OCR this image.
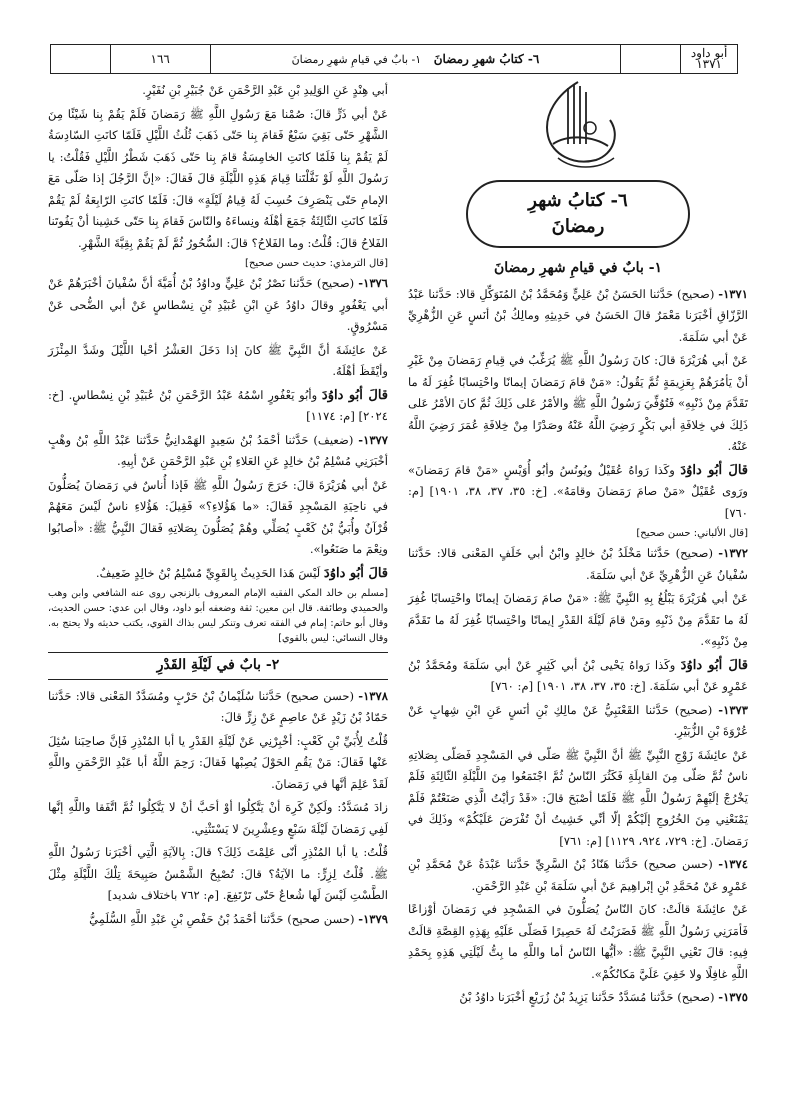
١٦٦	٦- كتابُ شهرِ رمضانَ

١- بابٌ في قيامِ شهرِ رمضانَ	أبو داود
١٣٧١
٦- كتابُ شهرِ
رمضانَ
١- بابٌ في قيامِ شهرِ رمضانَ

١٣٧١- (صحيح) حَدَّثنا الحَسَنُ بْنُ عَلِيٍّ وَمُحَمَّدُ بْنُ المُتَوَكِّلِ قالا: حَدَّثنا عَبْدُ الرَّزّاقِ أخْبَرَنا مَعْمَرٌ قالَ الحَسَنُ في حَدِيثِهِ ومالِكُ بْنُ أنَسٍ عَنِ الزُّهْرِيِّ عَنْ أبي سَلَمَةَ.

عَنْ أبي هُرَيْرَةَ قالَ: كانَ رَسُولُ اللَّهِ ﷺ يُرَغِّبُ في قِيامِ رَمَضانَ مِنْ غَيْرِ أنْ يَأمُرَهُمْ بِعَزِيمَةٍ ثُمَّ يَقُولُ: «مَنْ قامَ رَمَضانَ إيمانًا واحْتِسابًا غُفِرَ لَهُ ما تَقَدَّمَ مِنْ ذَنْبِهِ» فَتُوُفِّيَ رَسُولُ اللَّهِ ﷺ والأمْرُ عَلى ذَلِكَ ثُمَّ كانَ الأمْرُ عَلى ذَلِكَ في خِلافَةِ أبي بَكْرٍ رَضِيَ اللَّهُ عَنْهُ وصَدْرًا مِنْ خِلافَةِ عُمَرَ رَضِيَ اللَّهُ عَنْهُ.

قالَ أبُو داوُدَ وكَذا رَواهُ عُقَيْلٌ ويُونُسُ وأبُو أُوَيْسٍ «مَنْ قامَ رَمَضانَ» ورَوى عُقَيْلٌ «مَنْ صامَ رَمَضانَ وقامَهُ». [خ: ٣٥، ٣٧، ٣٨، ١٩٠١] [م: ٧٦٠]

[قال الألباني: حسن صحيح]

١٣٧٢- (صحيح) حَدَّثنا مَخْلَدُ بْنُ خالِدٍ وابْنُ أبي خَلَفٍ المَعْنى قالا: حَدَّثنا سُفْيانُ عَنِ الزُّهْرِيِّ عَنْ أبي سَلَمَةَ.

عَنْ أبي هُرَيْرَةَ يَبْلُغُ بِهِ النَّبِيَّ ﷺ: «مَنْ صامَ رَمَضانَ إيمانًا واحْتِسابًا غُفِرَ لَهُ ما تَقَدَّمَ مِنْ ذَنْبِهِ ومَنْ قامَ لَيْلَةَ القَدْرِ إيمانًا واحْتِسابًا غُفِرَ لَهُ ما تَقَدَّمَ مِنْ ذَنْبِهِ».

قالَ أبُو داوُدَ وكَذا رَواهُ يَحْيى بْنُ أبي كَثِيرٍ عَنْ أبي سَلَمَةَ ومُحَمَّدُ بْنُ عَمْرٍو عَنْ أبي سَلَمَةَ. [خ: ٣٥، ٣٧، ٣٨، ١٩٠١] [م: ٧٦٠]

١٣٧٣- (صحيح) حَدَّثنا القَعْنَبِيُّ عَنْ مالِكِ بْنِ أنَسٍ عَنِ ابْنِ شِهابٍ عَنْ عُرْوَةَ بْنِ الزُّبَيْرِ.

عَنْ عائِشَةَ زَوْجِ النَّبِيِّ ﷺ أنَّ النَّبِيَّ ﷺ صَلّى في المَسْجِدِ فَصَلّى بِصَلاتِهِ ناسٌ ثُمَّ صَلّى مِنَ القابِلَةِ فَكَثُرَ النّاسُ ثُمَّ اجْتَمَعُوا مِنَ اللَّيْلَةِ الثّالِثَةِ فَلَمْ يَخْرُجْ إلَيْهِمْ رَسُولُ اللَّهِ ﷺ فَلَمّا أصْبَحَ قالَ: «قَدْ رَأيْتُ الَّذِي صَنَعْتُمْ فَلَمْ يَمْنَعْنِي مِنَ الخُرُوجِ إلَيْكُمْ إلّا أنِّي خَشِيتُ أنْ تُفْرَضَ عَلَيْكُمْ» وذَلِكَ في رَمَضانَ. [خ: ٧٢٩، ٩٢٤، ١١٢٩] [م: ٧٦١]

١٣٧٤- (حسن صحيح) حَدَّثنا هَنّادُ بْنُ السَّرِيِّ حَدَّثنا عَبْدَةُ عَنْ مُحَمَّدِ بْنِ عَمْرٍو عَنْ مُحَمَّدِ بْنِ إبْراهِيمَ عَنْ أبي سَلَمَةَ بْنِ عَبْدِ الرَّحْمَنِ.

عَنْ عائِشَةَ قالَتْ: كانَ النّاسُ يُصَلُّونَ في المَسْجِدِ في رَمَضانَ أوْزاعًا فَأمَرَنِي رَسُولُ اللَّهِ ﷺ فَضَرَبْتُ لَهُ حَصِيرًا فَصَلّى عَلَيْهِ بِهَذِهِ القِصَّةِ قالَتْ فِيهِ: قالَ تَعْنِي النَّبِيَّ ﷺ: «أيُّها النّاسُ أما واللَّهِ ما بِتُّ لَيْلَتِي هَذِهِ بِحَمْدِ اللَّهِ غافِلًا ولا خَفِيَ عَلَيَّ مَكانُكُمْ».

١٣٧٥- (صحيح) حَدَّثنا مُسَدَّدٌ حَدَّثنا يَزِيدُ بْنُ زُرَيْعٍ أخْبَرَنا داوُدُ بْنُ

أبي هِنْدٍ عَنِ الوَلِيدِ بْنِ عَبْدِ الرَّحْمَنِ عَنْ جُبَيْرِ بْنِ نُفَيْرٍ.

عَنْ أبي ذَرٍّ قالَ: صُمْنا مَعَ رَسُولِ اللَّهِ ﷺ رَمَضانَ فَلَمْ يَقُمْ بِنا شَيْئًا مِنَ الشَّهْرِ حَتّى بَقِيَ سَبْعٌ فَقامَ بِنا حَتّى ذَهَبَ ثُلُثُ اللَّيْلِ فَلَمّا كانَتِ السّادِسَةُ لَمْ يَقُمْ بِنا فَلَمّا كانَتِ الخامِسَةُ قامَ بِنا حَتّى ذَهَبَ شَطْرُ اللَّيْلِ فَقُلْتُ: يا رَسُولَ اللَّهِ لَوْ نَفَّلْتَنا قِيامَ هَذِهِ اللَّيْلَةِ قالَ فَقالَ: «إنَّ الرَّجُلَ إذا صَلّى مَعَ الإمامِ حَتّى يَنْصَرِفَ حُسِبَ لَهُ قِيامُ لَيْلَةٍ» قالَ: فَلَمّا كانَتِ الرّابِعَةُ لَمْ يَقُمْ فَلَمّا كانَتِ الثّالِثَةُ جَمَعَ أهْلَهُ ونِساءَهُ والنّاسَ فَقامَ بِنا حَتّى خَشِينا أنْ يَفُوتَنا الفَلاحُ قالَ: قُلْتُ: وما الفَلاحُ؟ قالَ: السُّحُورُ ثُمَّ لَمْ يَقُمْ بِقِيَّةَ الشَّهْرِ.

[قال الترمذي: حديث حسن صحيح]

١٣٧٦- (صحيح) حَدَّثنا نَصْرُ بْنُ عَلِيٍّ وداوُدُ بْنُ أُمَيَّةَ أنَّ سُفْيانَ أخْبَرَهُمْ عَنْ أبي يَعْفُورٍ وقالَ داوُدُ عَنِ ابْنِ عُبَيْدِ بْنِ نِسْطاسٍ عَنْ أبي الضُّحى عَنْ مَسْرُوقٍ.

عَنْ عائِشَةَ أنَّ النَّبِيَّ ﷺ كانَ إذا دَخَلَ العَشْرُ أحْيا اللَّيْلَ وشَدَّ المِئْزَرَ وأيْقَظَ أهْلَهُ.

قالَ أبُو داوُدَ وأبُو يَعْفُورٍ اسْمُهُ عَبْدُ الرَّحْمَنِ بْنُ عُبَيْدِ بْنِ نِسْطاسٍ. [خ: ٢٠٢٤] [م: ١١٧٤]

١٣٧٧- (ضعيف) حَدَّثنا أحْمَدُ بْنُ سَعِيدٍ الهَمْدانِيُّ حَدَّثنا عَبْدُ اللَّهِ بْنُ وهْبٍ أخْبَرَنِي مُسْلِمُ بْنُ خالِدٍ عَنِ العَلاءِ بْنِ عَبْدِ الرَّحْمَنِ عَنْ أبِيهِ.

عَنْ أبي هُرَيْرَةَ قالَ: خَرَجَ رَسُولُ اللَّهِ ﷺ فَإذا أُناسٌ في رَمَضانَ يُصَلُّونَ في ناحِيَةِ المَسْجِدِ فَقالَ: «ما هَؤُلاءِ؟» فَقِيلَ: هَؤُلاءِ ناسٌ لَيْسَ مَعَهُمْ قُرْآنٌ وأُبَيُّ بْنُ كَعْبٍ يُصَلِّي وهُمْ يُصَلُّونَ بِصَلاتِهِ فَقالَ النَّبِيُّ ﷺ: «أصابُوا ونِعْمَ ما صَنَعُوا».

قالَ أبُو داوُدَ لَيْسَ هَذا الحَدِيثُ بِالقَوِيِّ مُسْلِمُ بْنُ خالِدٍ ضَعِيفٌ.

[مسلم بن خالد المكي الفقيه الإمام المعروف بالزنجي روى عنه الشافعي وابن وهب والحميدي وطائفة. قال ابن معين: ثقة وضعفه أبو داود، وقال ابن عدي: حسن الحديث، وقال أبو حاتم: إمام في الفقه تعرف وتنكر ليس بذاك القوي، يكتب حديثه ولا يحتج به. وقال النسائي: ليس بالقوي]

٢- بابٌ في لَيْلَةِ القَدْرِ

١٣٧٨- (حسن صحيح) حَدَّثنا سُلَيْمانُ بْنُ حَرْبٍ ومُسَدَّدٌ المَعْنى قالا: حَدَّثنا حَمّادُ بْنُ زَيْدٍ عَنْ عاصِمٍ عَنْ زِرٍّ قالَ:

قُلْتُ لِأُبَيِّ بْنِ كَعْبٍ: أخْبِرْنِي عَنْ لَيْلَةِ القَدْرِ يا أبا المُنْذِرِ فَإنَّ صاحِبَنا سُئِلَ عَنْها فَقالَ: مَنْ يَقُمِ الحَوْلَ يُصِبْها فَقالَ: رَحِمَ اللَّهُ أبا عَبْدِ الرَّحْمَنِ واللَّهِ لَقَدْ عَلِمَ أنَّها في رَمَضانَ.

زادَ مُسَدَّدٌ: ولَكِنْ كَرِهَ أنْ يَتَّكِلُوا أوْ أحَبَّ أنْ لا يَتَّكِلُوا ثُمَّ اتَّفَقا واللَّهِ إنَّها لَفِي رَمَضانَ لَيْلَةَ سَبْعٍ وعِشْرِينَ لا يَسْتَثْنِي.

قُلْتُ: يا أبا المُنْذِرِ أنّى عَلِمْتَ ذَلِكَ؟ قالَ: بِالآيَةِ الَّتِي أخْبَرَنا رَسُولُ اللَّهِ ﷺ. قُلْتُ لِزِرٍّ: ما الآيَةُ؟ قالَ: تُصْبِحُ الشَّمْسُ صَبِيحَةَ تِلْكَ اللَّيْلَةِ مِثْلَ الطَّسْتِ لَيْسَ لَها شُعاعٌ حَتّى تَرْتَفِعَ. [م: ٧٦٢ باختلاف شديد]

١٣٧٩- (حسن صحيح) حَدَّثنا أحْمَدُ بْنُ حَفْصِ بْنِ عَبْدِ اللَّهِ السُّلَمِيُّ
